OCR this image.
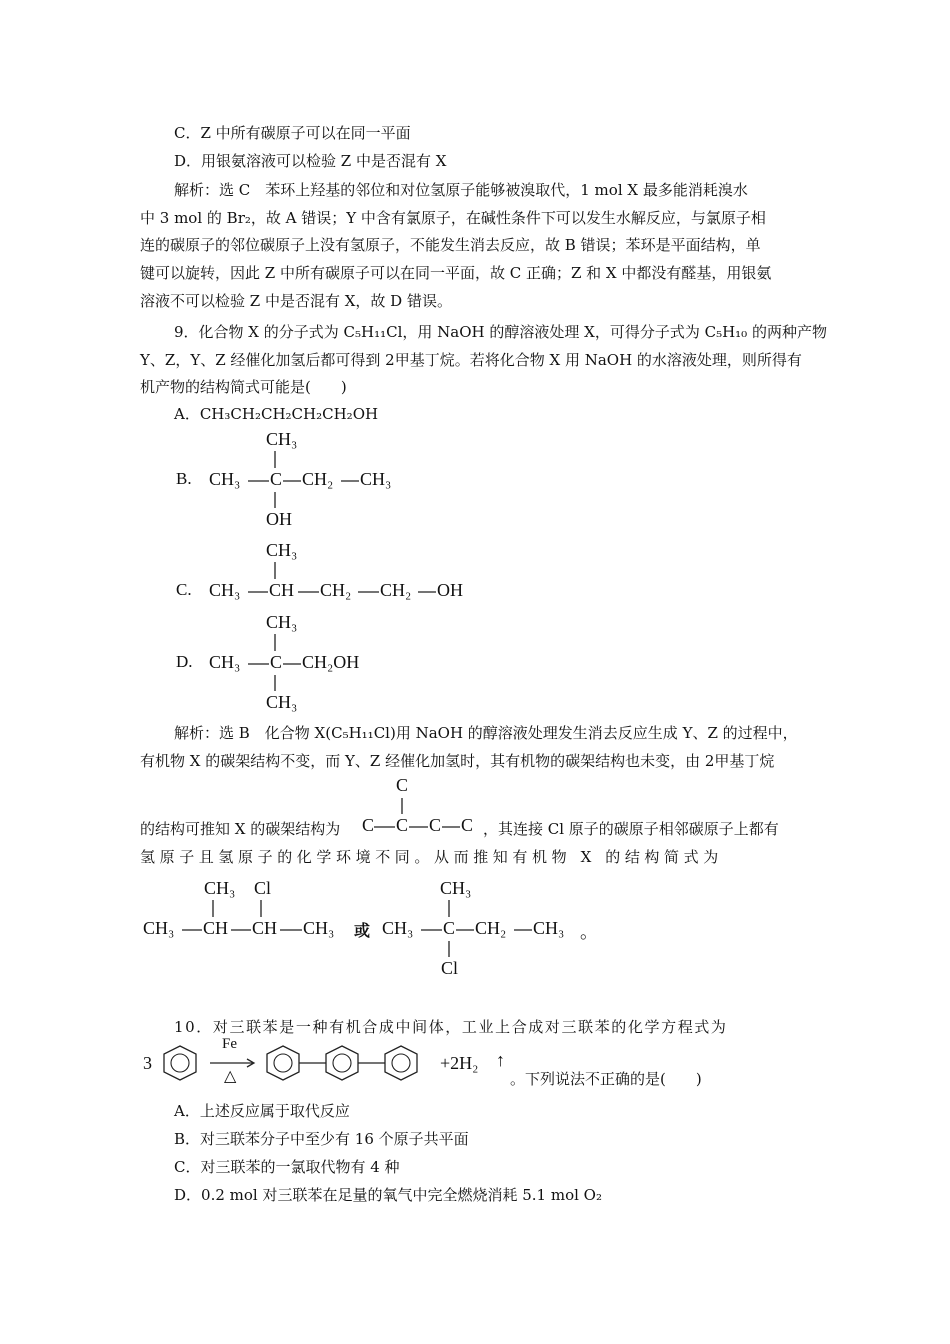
C．Z 中所有碳原子可以在同一平面
D．用银氨溶液可以检验 Z 中是否混有 X
解析：选 C　苯环上羟基的邻位和对位氢原子能够被溴取代，1 mol X 最多能消耗溴水
中 3 mol 的 Br₂，故 A 错误；Y 中含有氯原子，在碱性条件下可以发生水解反应，与氯原子相
连的碳原子的邻位碳原子上没有氢原子，不能发生消去反应，故 B 错误；苯环是平面结构，单
键可以旋转，因此 Z 中所有碳原子可以在同一平面，故 C 正确；Z 和 X 中都没有醛基，用银氨
溶液不可以检验 Z 中是否混有 X，故 D 错误。
9．化合物 X 的分子式为 C₅H₁₁Cl，用 NaOH 的醇溶液处理 X，可得分子式为 C₅H₁₀ 的两种产物
Y、Z，Y、Z 经催化加氢后都可得到 2甲基丁烷。若将化合物 X 用 NaOH 的水溶液处理，则所得有
机产物的结构简式可能是(　　)
A．CH₃CH₂CH₂CH₂CH₂OH
B.
CH₃
CH₃ C CH₂ CH₃
OH
C.
CH₃
CH₃ CH CH₂ CH₂ OH
D.
CH₃
CH₃ C CH₂OH
CH₃
解析：选 B　化合物 X(C₅H₁₁Cl)用 NaOH 的醇溶液处理发生消去反应生成 Y、Z 的过程中，
有机物 X 的碳架结构不变，而 Y、Z 经催化加氢时，其有机物的碳架结构也未变，由 2甲基丁烷
的结构可推知 X 的碳架结构为
C
C C C C ，其连接 Cl 原子的碳原子相邻碳原子上都有
氢原子且氢原子的化学环境不同。从而推知有机物 X 的结构简式为
CH₃ Cl
CH₃ CH CH CH₃ 或
CH₃
CH₃ C CH₂ CH₃
Cl
。
10．对三联苯是一种有机合成中间体，工业上合成对三联苯的化学方程式为
3
Fe
△
+2H₂ ↑
。下列说法不正确的是(　　)
A．上述反应属于取代反应
B．对三联苯分子中至少有 16 个原子共平面
C．对三联苯的一氯取代物有 4 种
D．0.2 mol 对三联苯在足量的氧气中完全燃烧消耗 5.1 mol O₂
